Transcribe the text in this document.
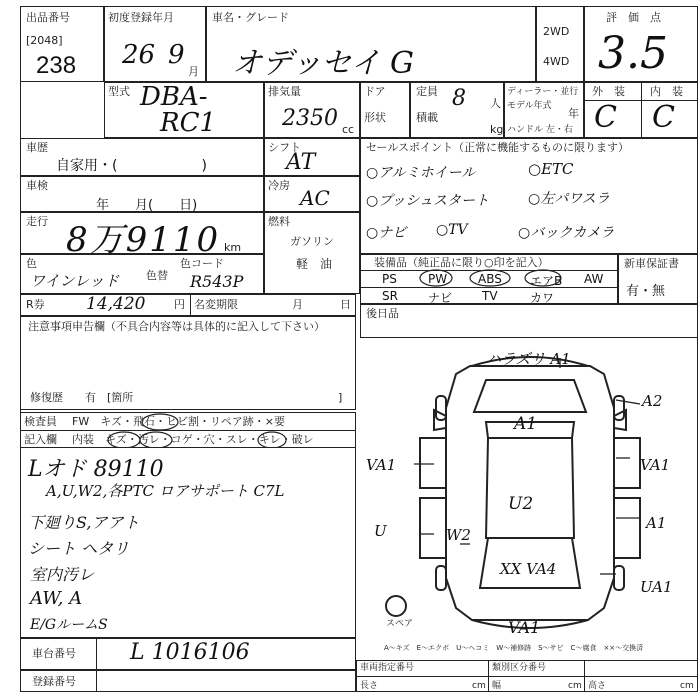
出品番号
[2048]
238
初度登録年月
26 9
月
車名・グレード
オデッセイ G
2WD
4WD
評　価　点
3.5
型式 DBA-
RC1
排気量
2350 cc
ドア
形状
定員 8 人
積載
kg
ディーラー・並行
モデル年式
年
ハンドル 左・右
外　装 内　装
C C
車歴
自家用・(　　　　　　)
車検
年　　月(　　日)
走行 8万9110 km
色
ワインレッド 色替
色コード
R543P
R券 14,420	円 名変期限	月	日
注意事項申告欄（不具合内容等は具体的に記入して下さい）
修復歴　　有　[箇所	]
シフト
AT
冷房
AC
燃料
ガソリン
軽　油
セールスポイント（正常に機能するものに限ります）
○アルミホイール	○ETC
○プッシュスタート	○左パワスラ
○ナビ ○TV	○バックカメラ
装備品（純正品に限り○印を記入）
PS	PW	ABS エアB AW
SR	ナビ TV	カワ
新車保証書
有・無
後日品
検査員 FW　キズ・飛石・ヒビ割・リペア跡・×要
記入欄 内装　キズ・汚レ・コゲ・穴・スレ・キレ・破レ
Lオド 89110
A,U,W2,各PTC ロアサポート C7L
下廻りS,アアト
シート ヘタリ
室内汚レ
AW, A
E/GルームS
ハラズリ A1
A2
A1
VA1	VA1
U2
A1
W2
U
XX VA4
UA1
VA1
スペア
A～キズ　E～エクボ　U～ヘコミ　W～補修跡　S～サビ　C～腐食　××～交換済
車台番号 L 1016106
登録番号
車両指定番号	類別区分番号
長さ	cm 幅	cm 高さ	cm
